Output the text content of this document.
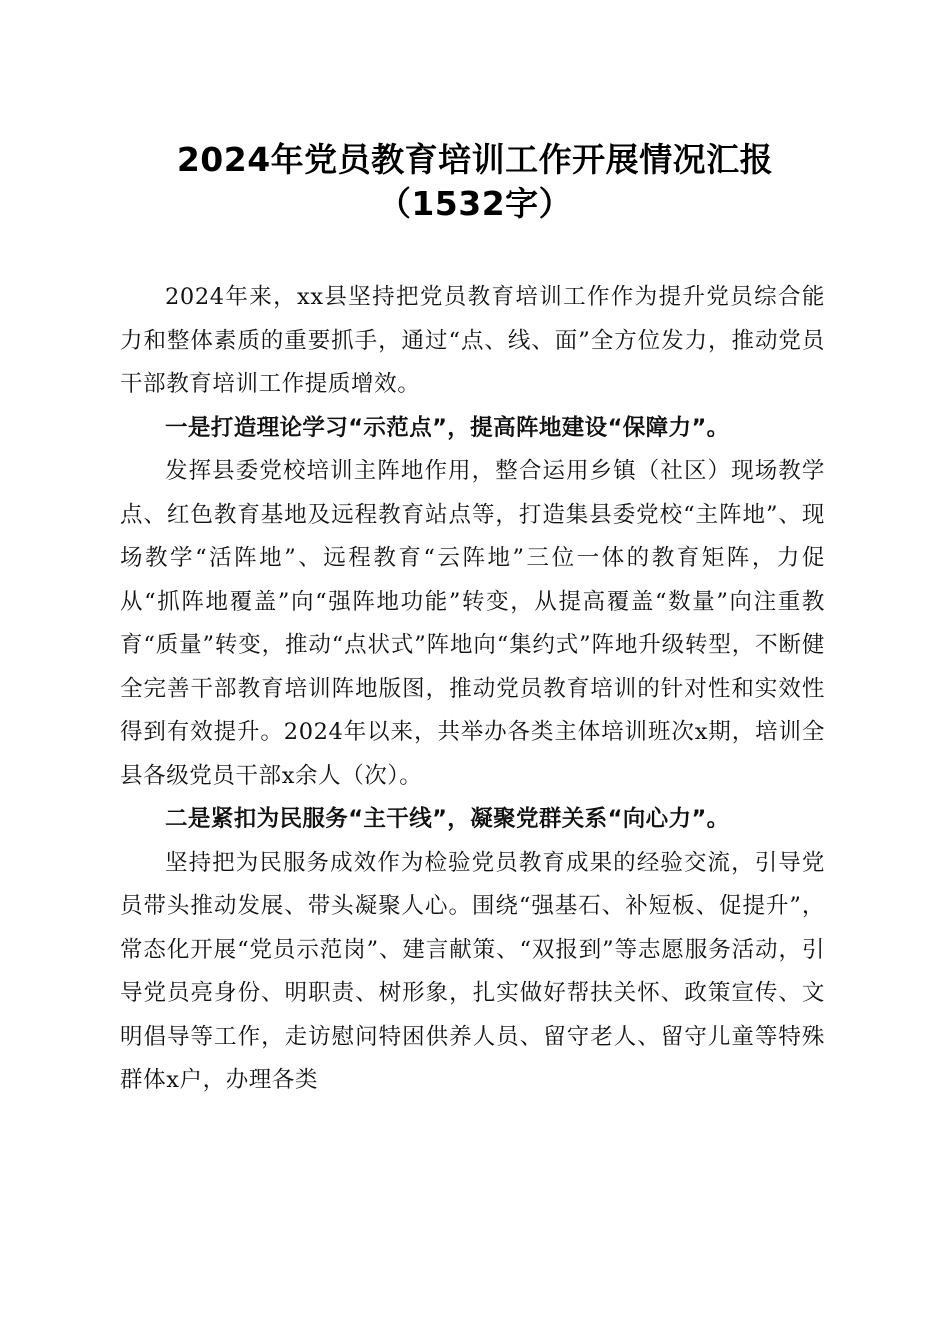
2024年党员教育培训工作开展情况汇报
（1532字）

2024年来，xx县坚持把党员教育培训工作作为提升党员综合能力和整体素质的重要抓手，通过“点、线、面”全方位发力，推动党员干部教育培训工作提质增效。

一是打造理论学习“示范点”，提高阵地建设“保障力”。

发挥县委党校培训主阵地作用，整合运用乡镇（社区）现场教学点、红色教育基地及远程教育站点等，打造集县委党校“主阵地”、现场教学“活阵地”、远程教育“云阵地”三位一体的教育矩阵，力促从“抓阵地覆盖”向“强阵地功能”转变，从提高覆盖“数量”向注重教育“质量”转变，推动“点状式”阵地向“集约式”阵地升级转型，不断健全完善干部教育培训阵地版图，推动党员教育培训的针对性和实效性得到有效提升。2024年以来，共举办各类主体培训班次x期，培训全县各级党员干部x余人（次）。

二是紧扣为民服务“主干线”，凝聚党群关系“向心力”。

坚持把为民服务成效作为检验党员教育成果的经验交流，引导党员带头推动发展、带头凝聚人心。围绕“强基石、补短板、促提升”，常态化开展“党员示范岗”、建言献策、“双报到”等志愿服务活动，引导党员亮身份、明职责、树形象，扎实做好帮扶关怀、政策宣传、文明倡导等工作，走访慰问特困供养人员、留守老人、留守儿童等特殊群体x户，办理各类
